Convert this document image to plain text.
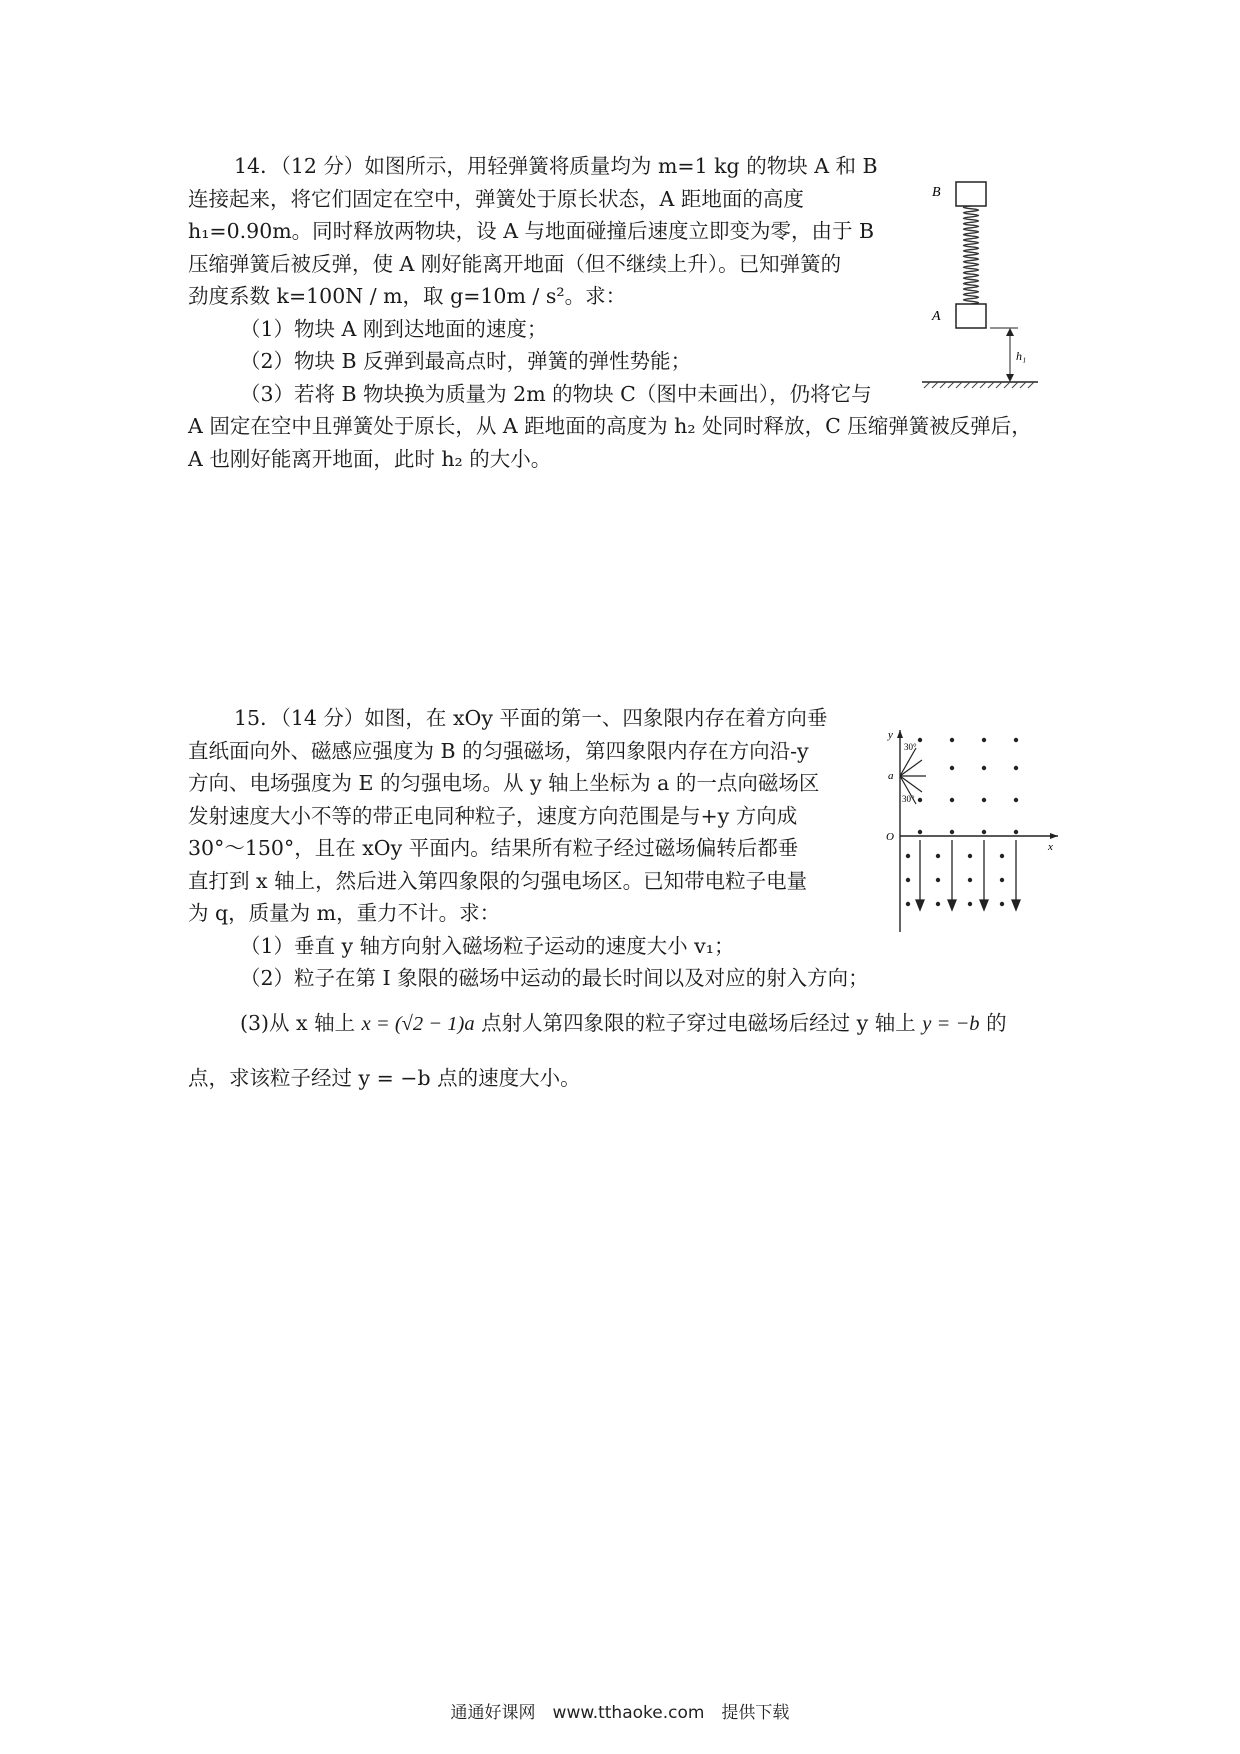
14．（12 分）如图所示，用轻弹簧将质量均为 m=1 kg 的物块 A 和 B

连接起来，将它们固定在空中，弹簧处于原长状态，A 距地面的高度

h₁=0.90m。同时释放两物块，设 A 与地面碰撞后速度立即变为零，由于 B

压缩弹簧后被反弹，使 A 刚好能离开地面（但不继续上升）。已知弹簧的

劲度系数 k=100N / m，取 g=10m / s²。求：

（1）物块 A 刚到达地面的速度；

（2）物块 B 反弹到最高点时，弹簧的弹性势能；

（3）若将 B 物块换为质量为 2m 的物块 C（图中未画出），仍将它与

A 固定在空中且弹簧处于原长，从 A 距地面的高度为 h₂ 处同时释放，C 压缩弹簧被反弹后，

A 也刚好能离开地面，此时 h₂ 的大小。

B
A
h₁

15．（14 分）如图，在 xOy 平面的第一、四象限内存在着方向垂

直纸面向外、磁感应强度为 B 的匀强磁场，第四象限内存在方向沿-y

方向、电场强度为 E 的匀强电场。从 y 轴上坐标为 a 的一点向磁场区

发射速度大小不等的带正电同种粒子，速度方向范围是与+y 方向成

30°～150°，且在 xOy 平面内。结果所有粒子经过磁场偏转后都垂

直打到 x 轴上，然后进入第四象限的匀强电场区。已知带电粒子电量

为 q，质量为 m，重力不计。求：

（1）垂直 y 轴方向射入磁场粒子运动的速度大小 v₁；

（2）粒子在第 I 象限的磁场中运动的最长时间以及对应的射入方向；

(3)从 x 轴上 x = (√2 − 1)a 点射人第四象限的粒子穿过电磁场后经过 y 轴上 y = −b 的

点，求该粒子经过 y = −b 点的速度大小。

y
x
O
a
30°
30°
通通好课网　www.tthaoke.com　提供下载
